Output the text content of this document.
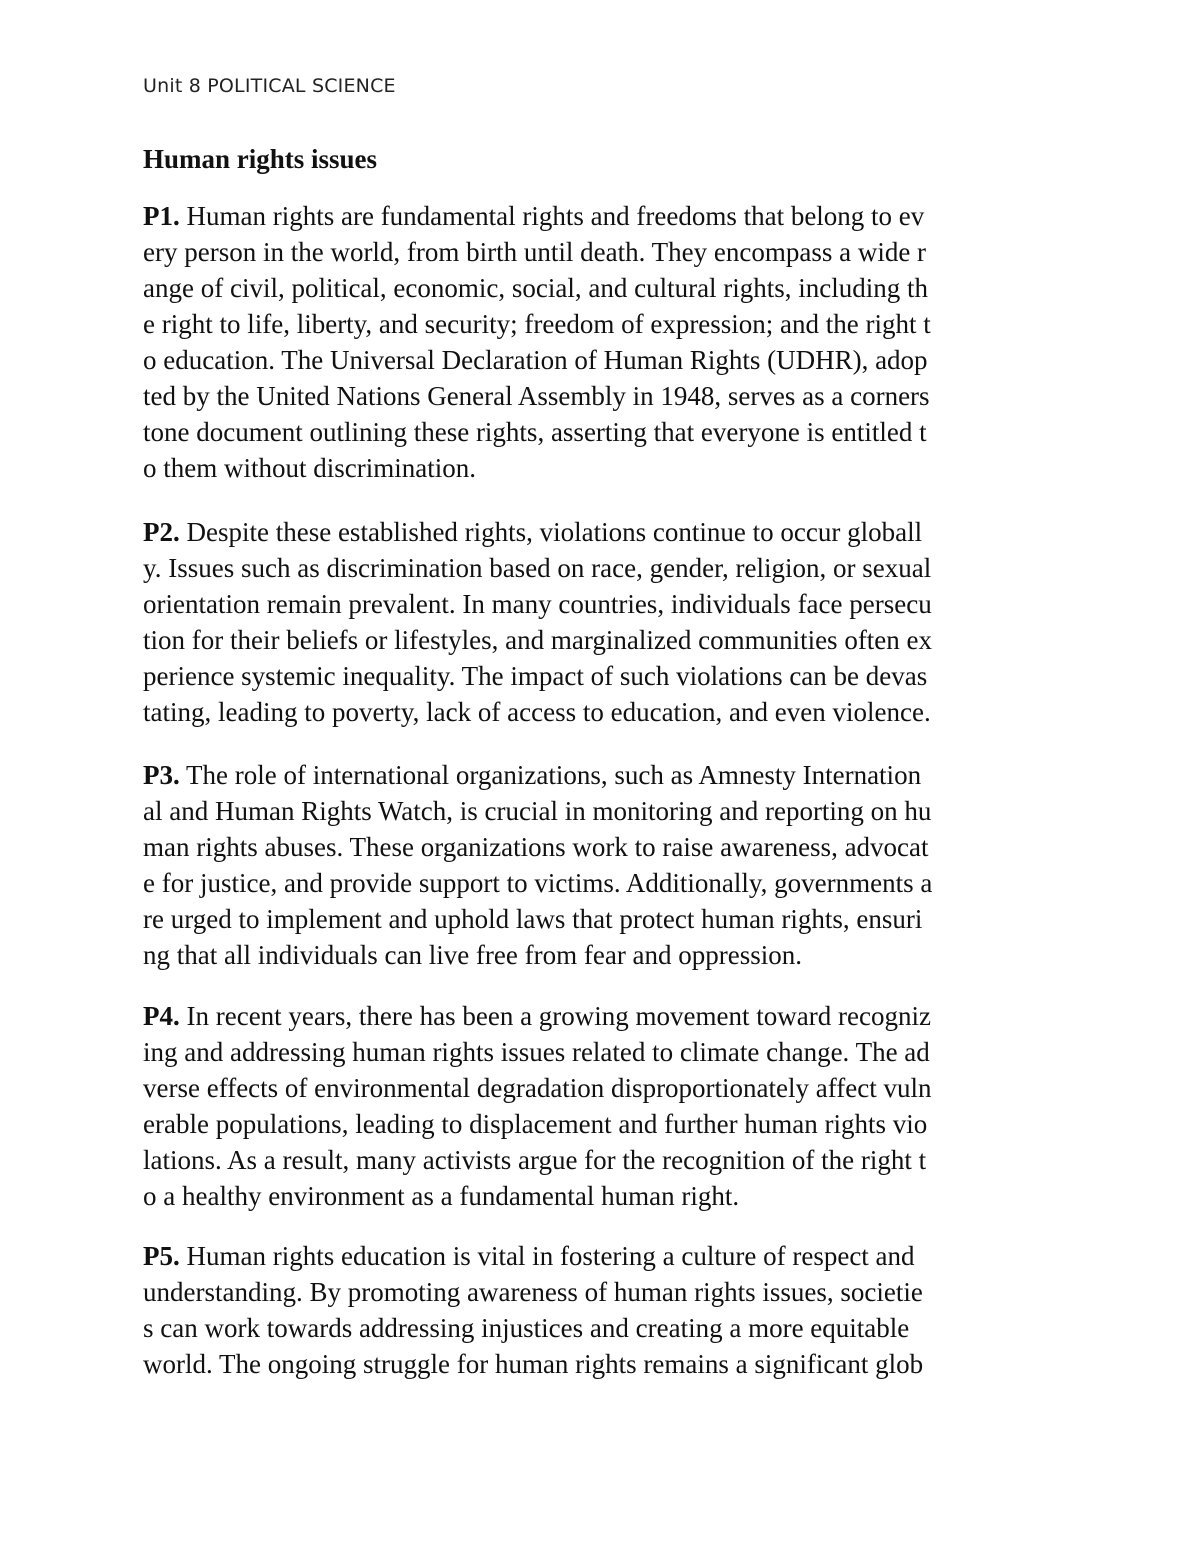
Unit 8 POLITICAL SCIENCE
Human rights issues
P1. Human rights are fundamental rights and freedoms that belong to ev
ery person in the world, from birth until death. They encompass a wide r
ange of civil, political, economic, social, and cultural rights, including th
e right to life, liberty, and security; freedom of expression; and the right t
o education. The Universal Declaration of Human Rights (UDHR), adop
ted by the United Nations General Assembly in 1948, serves as a corners
tone document outlining these rights, asserting that everyone is entitled t
o them without discrimination.
P2. Despite these established rights, violations continue to occur globall
y. Issues such as discrimination based on race, gender, religion, or sexual
orientation remain prevalent. In many countries, individuals face persecu
tion for their beliefs or lifestyles, and marginalized communities often ex
perience systemic inequality. The impact of such violations can be devas
tating, leading to poverty, lack of access to education, and even violence.
P3. The role of international organizations, such as Amnesty Internation
al and Human Rights Watch, is crucial in monitoring and reporting on hu
man rights abuses. These organizations work to raise awareness, advocat
e for justice, and provide support to victims. Additionally, governments a
re urged to implement and uphold laws that protect human rights, ensuri
ng that all individuals can live free from fear and oppression.
P4. In recent years, there has been a growing movement toward recogniz
ing and addressing human rights issues related to climate change. The ad
verse effects of environmental degradation disproportionately affect vuln
erable populations, leading to displacement and further human rights vio
lations. As a result, many activists argue for the recognition of the right t
o a healthy environment as a fundamental human right.
P5. Human rights education is vital in fostering a culture of respect and
understanding. By promoting awareness of human rights issues, societie
s can work towards addressing injustices and creating a more equitable
world. The ongoing struggle for human rights remains a significant glob
